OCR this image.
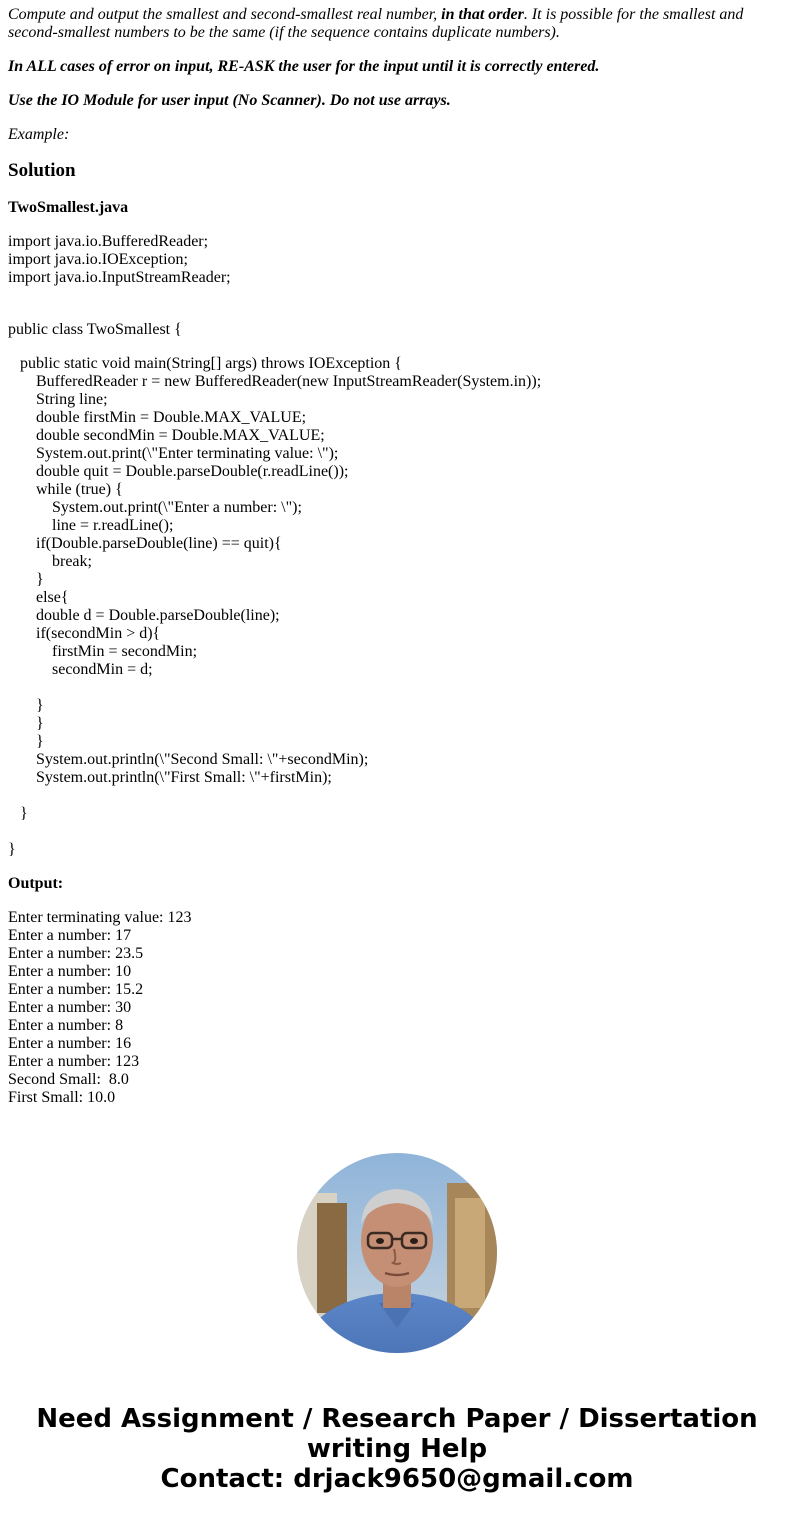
Compute and output the smallest and second-smallest real number, in that order. It is possible for the smallest and second-smallest numbers to be the same (if the sequence contains duplicate numbers).

In ALL cases of error on input, RE-ASK the user for the input until it is correctly entered.

Use the IO Module for user input (No Scanner). Do not use arrays.

Example:

Solution
TwoSmallest.java
import java.io.BufferedReader;
import java.io.IOException;
import java.io.InputStreamReader;
public class TwoSmallest {
public static void main(String[] args) throws IOException {
BufferedReader r = new BufferedReader(new InputStreamReader(System.in));
String line;
double firstMin = Double.MAX_VALUE;
double secondMin = Double.MAX_VALUE;
System.out.print(\"Enter terminating value: \");
double quit = Double.parseDouble(r.readLine());
while (true) {
System.out.print(\"Enter a number: \");
line = r.readLine();
if(Double.parseDouble(line) == quit){
break;
}
else{
double d = Double.parseDouble(line);
if(secondMin > d){
firstMin = secondMin;
secondMin = d;
}
}
}
System.out.println(\"Second Small: \"+secondMin);
System.out.println(\"First Small: \"+firstMin);
}
}
Output:
Enter terminating value: 123
Enter a number: 17
Enter a number: 23.5
Enter a number: 10
Enter a number: 15.2
Enter a number: 30
Enter a number: 8
Enter a number: 16
Enter a number: 123
Second Small:  8.0
First Small: 10.0
Need Assignment / Research Paper / Dissertation
writing Help
Contact: drjack9650@gmail.com
